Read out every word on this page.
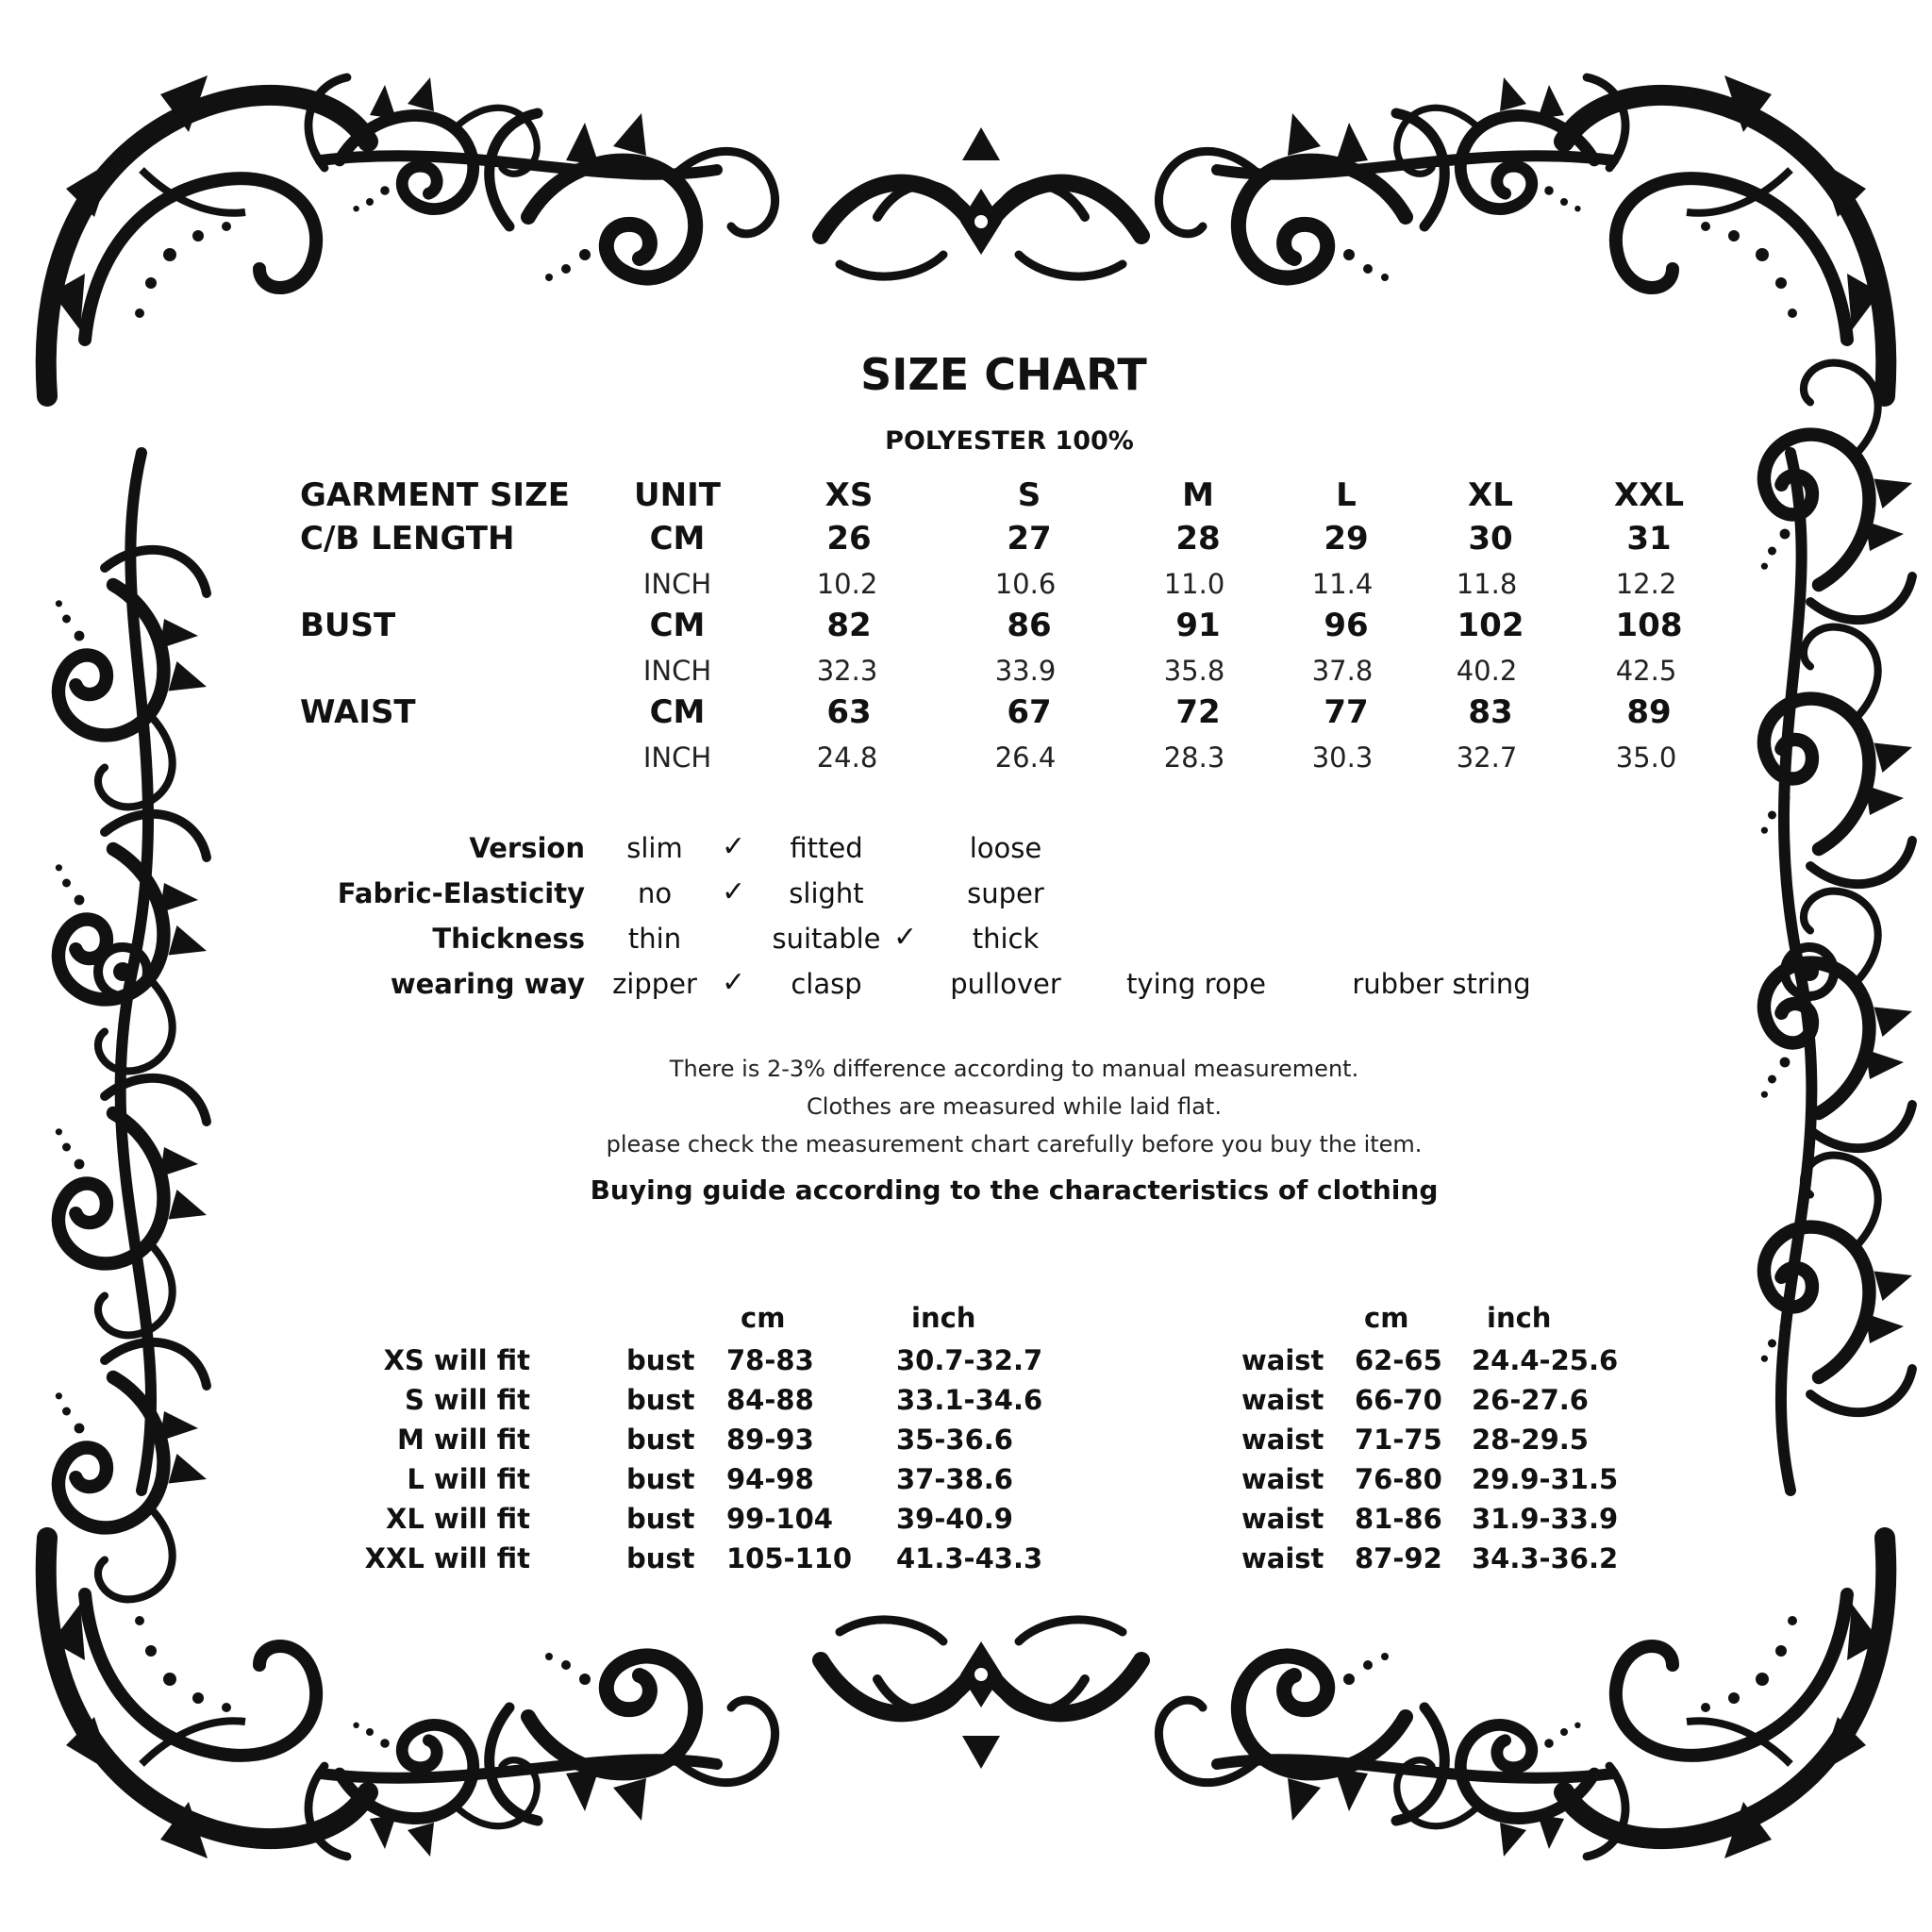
SIZE CHART
POLYESTER 100%
GARMENT SIZE	UNIT	XS	S	M	L	XL	XXL
C/B LENGTH	CM	26	27	28	29	30	31
INCH	10.2	10.6	11.0	11.4	11.8	12.2
BUST	CM	82	86	91	96	102	108
INCH	32.3	33.9	35.8	37.8	40.2	42.5
WAIST	CM	63	67	72	77	83	89
INCH	24.8	26.4	28.3	30.3	32.7	35.0
Version	slim	✓	fitted	loose
Fabric-Elasticity	no	✓	slight	super
Thickness	thin	suitable ✓	thick
wearing way	zipper ✓	clasp	pullover	tying rope	rubber string
There is 2-3% difference according to manual measurement.
Clothes are measured while laid flat.
please check the measurement chart carefully before you buy the item.
Buying guide according to the characteristics of clothing
cm	inch	cm	inch
XS will fit	bust 78-83	30.7-32.7	waist 62-65 24.4-25.6
S will fit	bust 84-88	33.1-34.6	waist 66-70 26-27.6
M will fit	bust 89-93	35-36.6	waist 71-75 28-29.5
L will fit	bust 94-98	37-38.6	waist 76-80 29.9-31.5
XL will fit	bust 99-104 39-40.9	waist 81-86 31.9-33.9
XXL will fit	bust 105-110 41.3-43.3	waist 87-92 34.3-36.2
